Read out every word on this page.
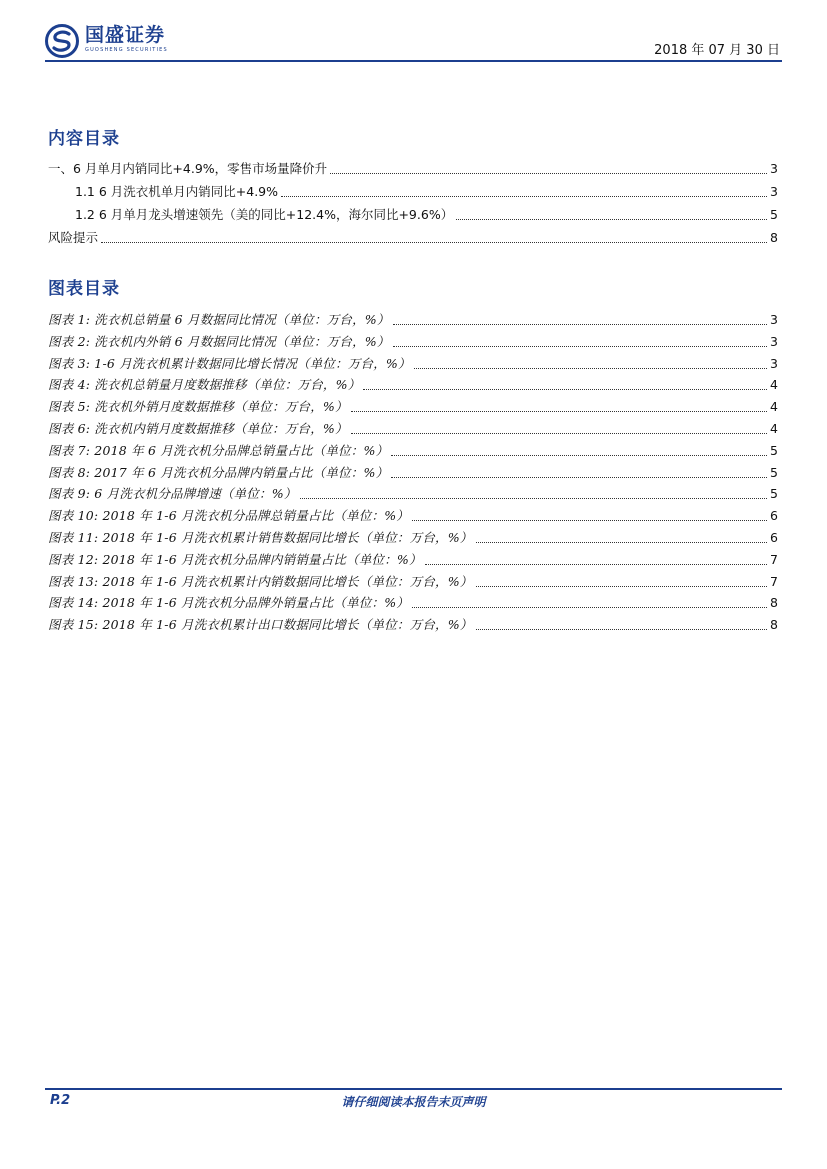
国盛证券
GUOSHENG SECURITIES	2018 年 07 月 30 日
内容目录
一、6 月单月内销同比+4.9%，零售市场量降价升	3
1.1 6 月洗衣机单月内销同比+4.9%	3
1.2 6 月单月龙头增速领先（美的同比+12.4%，海尔同比+9.6%）	5
风险提示	8
图表目录
图表 1: 洗衣机总销量 6 月数据同比情况（单位：万台，%）	3
图表 2: 洗衣机内外销 6 月数据同比情况（单位：万台，%）	3
图表 3: 1-6 月洗衣机累计数据同比增长情况（单位：万台，%）	3
图表 4: 洗衣机总销量月度数据推移（单位：万台，%）	4
图表 5: 洗衣机外销月度数据推移（单位：万台，%）	4
图表 6: 洗衣机内销月度数据推移（单位：万台，%）	4
图表 7: 2018 年 6 月洗衣机分品牌总销量占比（单位：%）	5
图表 8: 2017 年 6 月洗衣机分品牌内销量占比（单位：%）	5
图表 9: 6 月洗衣机分品牌增速（单位：%）	5
图表 10: 2018 年 1-6 月洗衣机分品牌总销量占比（单位：%）	6
图表 11: 2018 年 1-6 月洗衣机累计销售数据同比增长（单位：万台，%）	6
图表 12: 2018 年 1-6 月洗衣机分品牌内销销量占比（单位：%）	7
图表 13: 2018 年 1-6 月洗衣机累计内销数据同比增长（单位：万台，%）	7
图表 14: 2018 年 1-6 月洗衣机分品牌外销量占比（单位：%）	8
图表 15: 2018 年 1-6 月洗衣机累计出口数据同比增长（单位：万台，%）	8
P.2	请仔细阅读本报告末页声明
